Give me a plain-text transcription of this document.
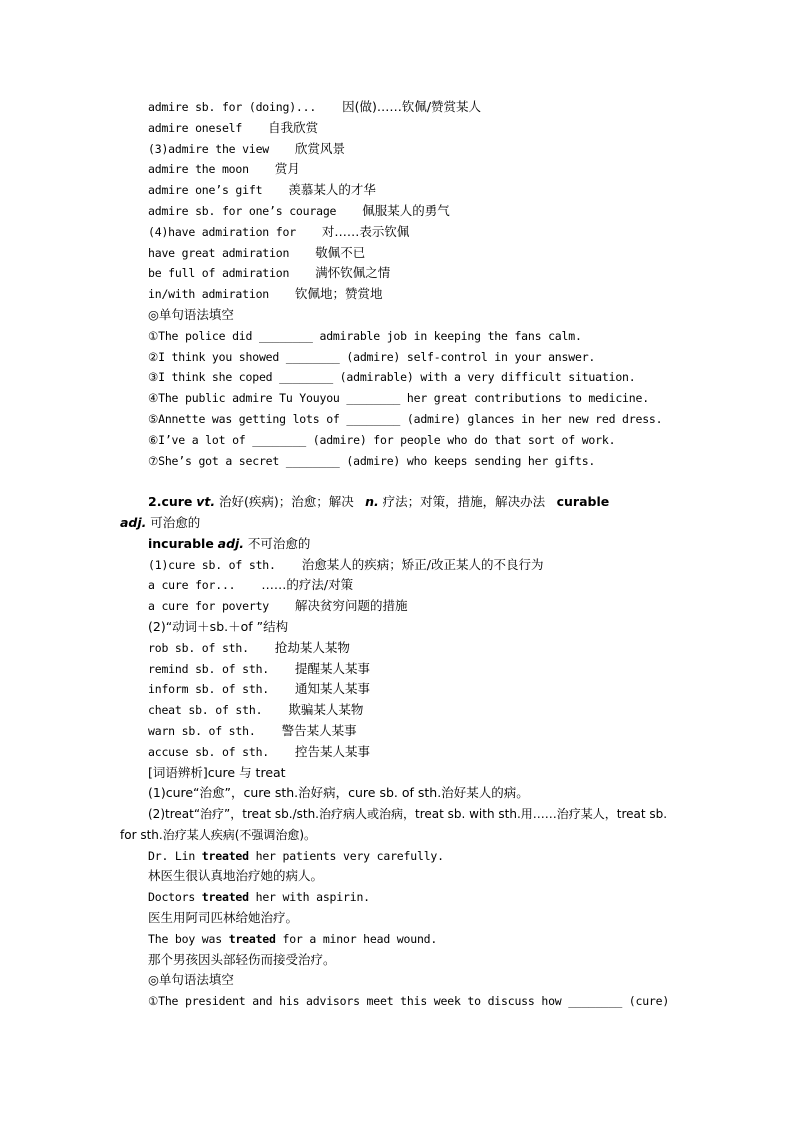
admire sb. for (doing)... 因(做)……钦佩/赞赏某人
admire oneself 自我欣赏
(3)admire the view 欣赏风景
admire the moon 赏月
admire one’s gift 羡慕某人的才华
admire sb. for one’s courage 佩服某人的勇气
(4)have admiration for 对……表示钦佩
have great admiration 敬佩不已
be full of admiration 满怀钦佩之情
in/with admiration 钦佩地；赞赏地
◎单句语法填空
①The police did ________ admirable job in keeping the fans calm.
②I think you showed ________ (admire) self-control in your answer.
③I think she coped ________ (admirable) with a very difficult situation.
④The public admire Tu Youyou ________ her great contributions to medicine.
⑤Annette was getting lots of ________ (admire) glances in her new red dress.
⑥I’ve a lot of ________ (admire) for people who do that sort of work.
⑦She’s got a secret ________ (admire) who keeps sending her gifts.
2.cure vt. 治好(疾病)；治愈；解决 n. 疗法；对策，措施，解决办法 curable
adj. 可治愈的
incurable adj. 不可治愈的
(1)cure sb. of sth. 治愈某人的疾病；矫正/改正某人的不良行为
a cure for... ……的疗法/对策
a cure for poverty 解决贫穷问题的措施
(2)“动词＋sb.＋of ”结构
rob sb. of sth. 抢劫某人某物
remind sb. of sth. 提醒某人某事
inform sb. of sth. 通知某人某事
cheat sb. of sth. 欺骗某人某物
warn sb. of sth. 警告某人某事
accuse sb. of sth. 控告某人某事
[词语辨析]cure 与 treat
(1)cure“治愈”，cure sth.治好病，cure sb. of sth.治好某人的病。
(2)treat“治疗”，treat sb./sth.治疗病人或治病，treat sb. with sth.用……治疗某人，treat sb. for sth.治疗某人疾病(不强调治愈)。
Dr. Lin treated her patients very carefully.
林医生很认真地治疗她的病人。
Doctors treated her with aspirin.
医生用阿司匹林给她治疗。
The boy was treated for a minor head wound.
那个男孩因头部轻伤而接受治疗。
◎单句语法填空
①The president and his advisors meet this week to discuss how ________ (cure)
